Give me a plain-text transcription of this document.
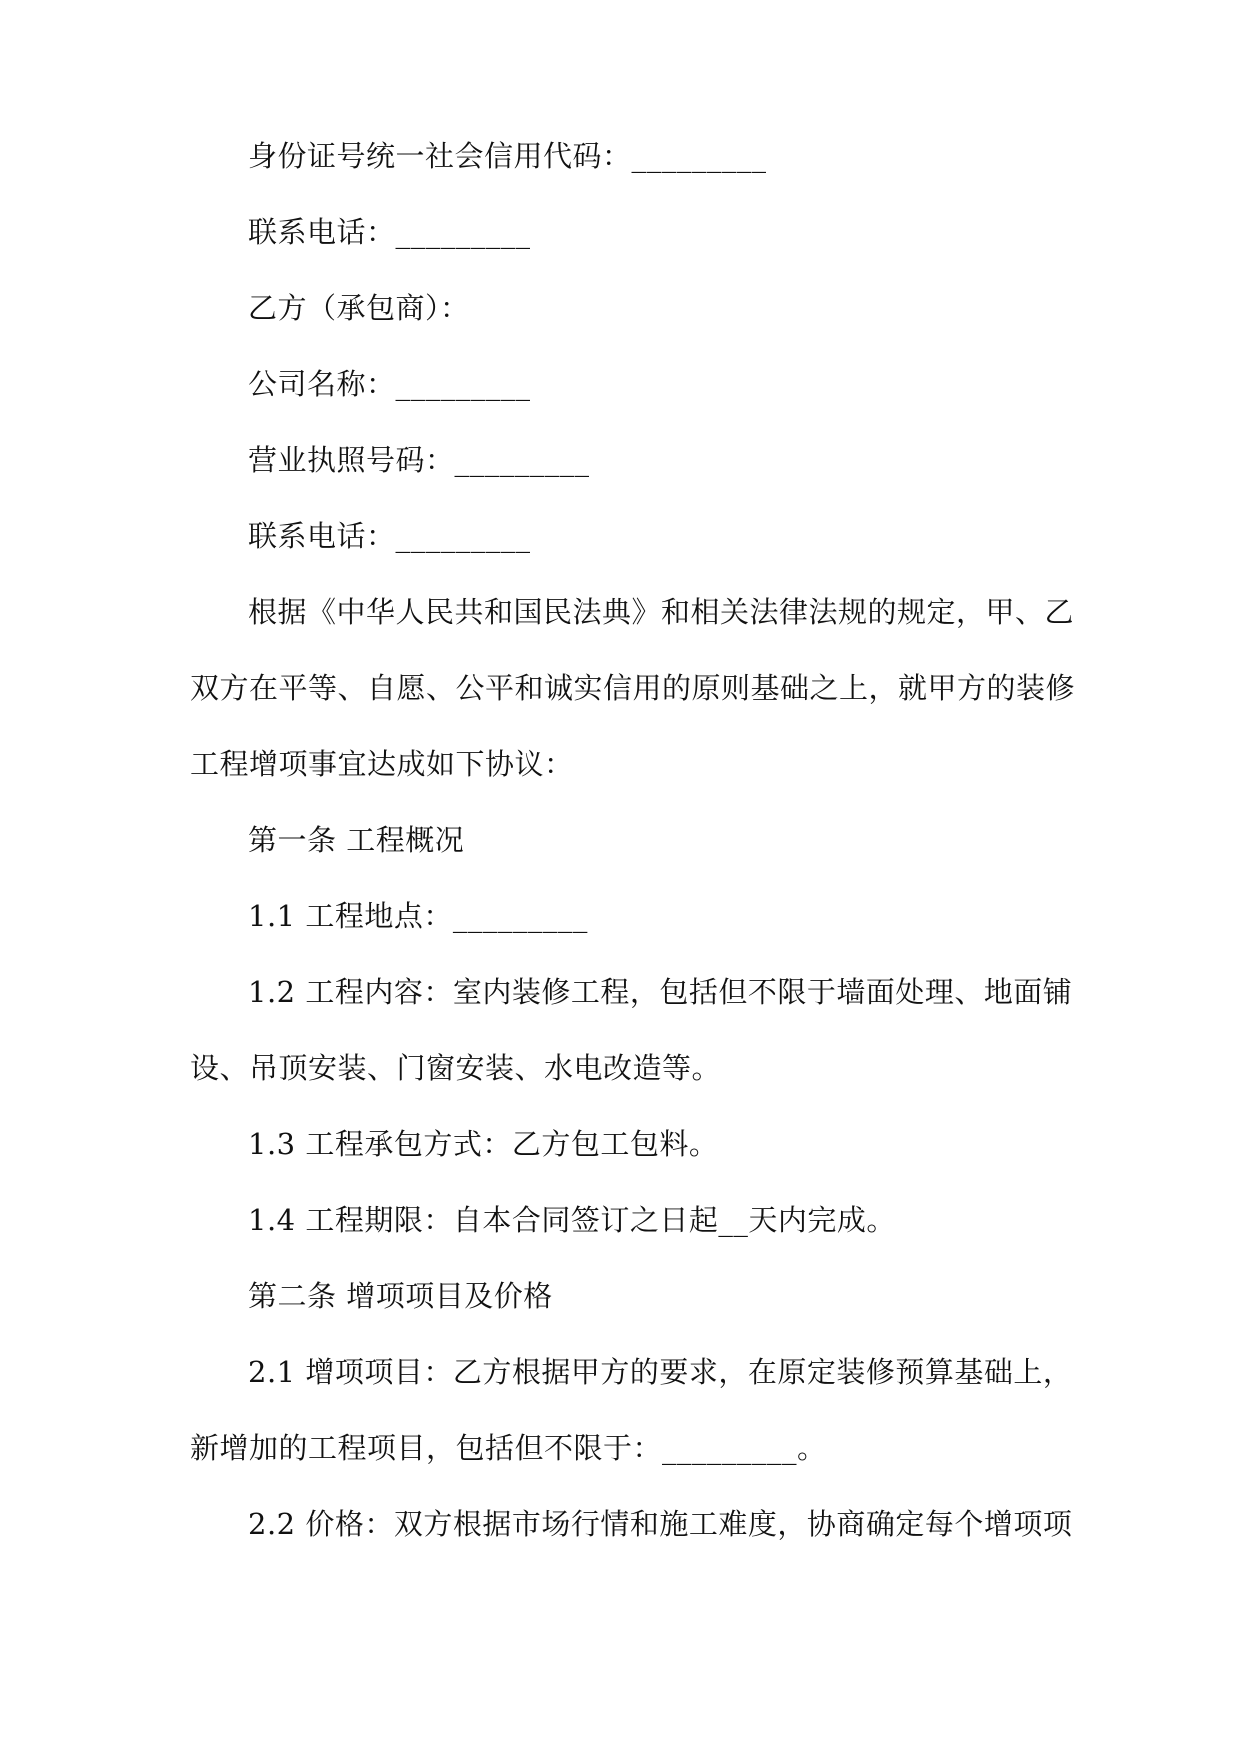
身份证号统一社会信用代码：_________
联系电话：_________
乙方（承包商）：
公司名称：_________
营业执照号码：_________
联系电话：_________
根据《中华人民共和国民法典》和相关法律法规的规定，甲、乙
双方在平等、自愿、公平和诚实信用的原则基础之上，就甲方的装修
工程增项事宜达成如下协议：
第一条 工程概况
1.1 工程地点：_________
1.2 工程内容：室内装修工程，包括但不限于墙面处理、地面铺
设、吊顶安装、门窗安装、水电改造等。
1.3 工程承包方式：乙方包工包料。
1.4 工程期限：自本合同签订之日起__天内完成。
第二条 增项项目及价格
2.1 增项项目：乙方根据甲方的要求，在原定装修预算基础上，
新增加的工程项目，包括但不限于：_________。
2.2 价格：双方根据市场行情和施工难度，协商确定每个增项项
